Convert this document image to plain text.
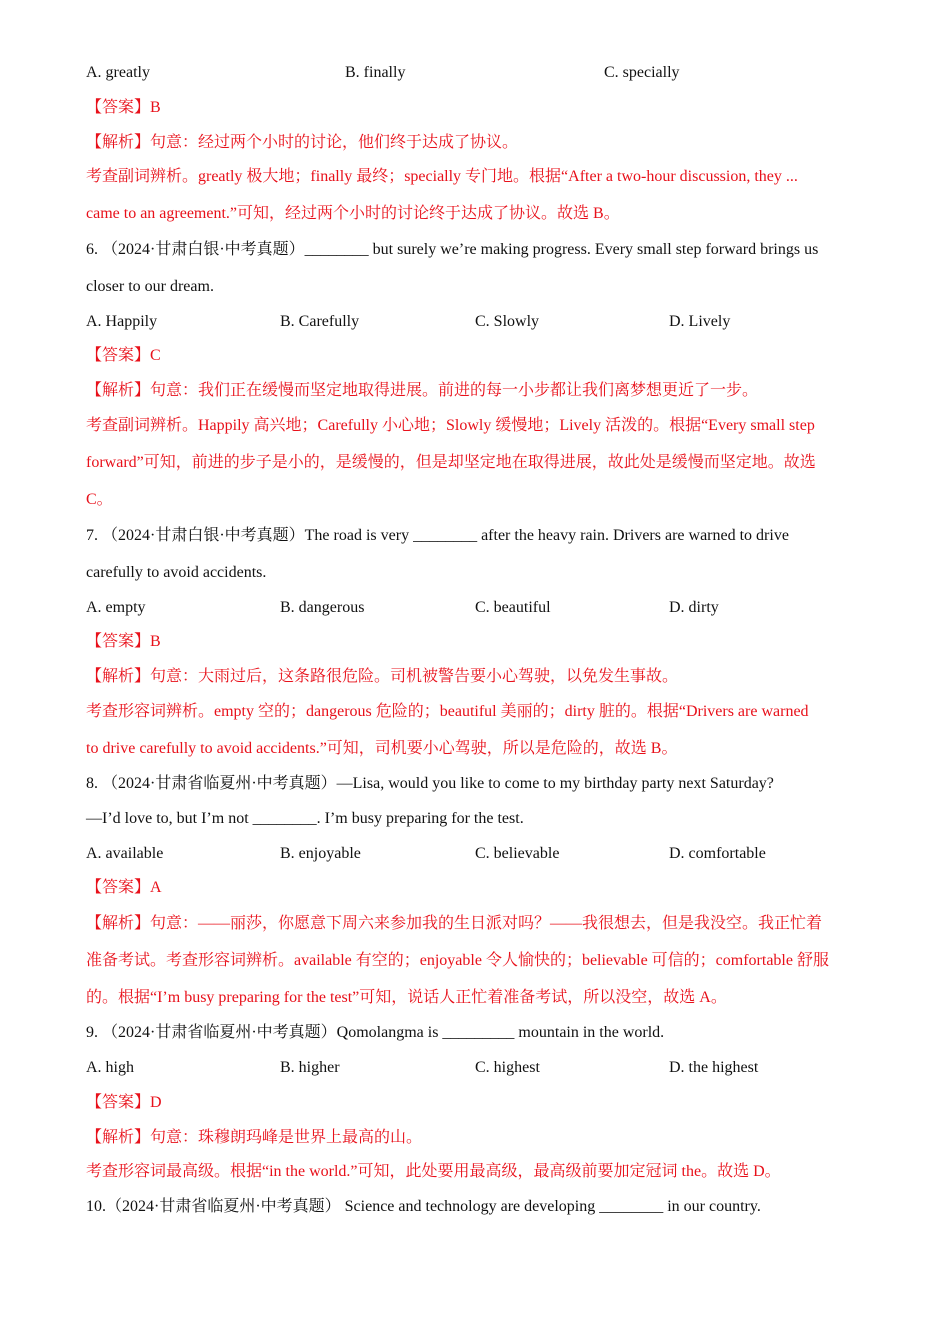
A. greatly	B. finally	C. specially
【答案】B
【解析】句意：经过两个小时的讨论，他们终于达成了协议。
考查副词辨析。greatly 极大地；finally 最终；specially 专门地。根据“After a two-hour discussion, they ...
came to an agreement.”可知，经过两个小时的讨论终于达成了协议。故选 B。
6. （2024·甘肃白银·中考真题）________ but surely we’re making progress. Every small step forward brings us
closer to our dream.
A. Happily	B. Carefully	C. Slowly	D. Lively
【答案】C
【解析】句意：我们正在缓慢而坚定地取得进展。前进的每一小步都让我们离梦想更近了一步。
考查副词辨析。Happily 高兴地；Carefully 小心地；Slowly 缓慢地；Lively 活泼的。根据“Every small step
forward”可知，前进的步子是小的，是缓慢的，但是却坚定地在取得进展，故此处是缓慢而坚定地。故选
C。
7. （2024·甘肃白银·中考真题）The road is very ________ after the heavy rain. Drivers are warned to drive
carefully to avoid accidents.
A. empty	B. dangerous	C. beautiful	D. dirty
【答案】B
【解析】句意：大雨过后，这条路很危险。司机被警告要小心驾驶，以免发生事故。
考查形容词辨析。empty 空的；dangerous 危险的；beautiful 美丽的；dirty 脏的。根据“Drivers are warned
to drive carefully to avoid accidents.”可知，司机要小心驾驶，所以是危险的，故选 B。
8. （2024·甘肃省临夏州·中考真题）—Lisa, would you like to come to my birthday party next Saturday?
—I’d love to, but I’m not ________. I’m busy preparing for the test.
A. available	B. enjoyable	C. believable	D. comfortable
【答案】A
【解析】句意：——丽莎，你愿意下周六来参加我的生日派对吗？——我很想去，但是我没空。我正忙着
准备考试。考查形容词辨析。available 有空的；enjoyable 令人愉快的；believable 可信的；comfortable 舒服
的。根据“I’m busy preparing for the test”可知，说话人正忙着准备考试，所以没空，故选 A。
9. （2024·甘肃省临夏州·中考真题）Qomolangma is _________ mountain in the world.
A. high	B. higher	C. highest	D. the highest
【答案】D
【解析】句意：珠穆朗玛峰是世界上最高的山。
考查形容词最高级。根据“in the world.”可知，此处要用最高级，最高级前要加定冠词 the。故选 D。
10.（2024·甘肃省临夏州·中考真题） Science and technology are developing ________ in our country.
